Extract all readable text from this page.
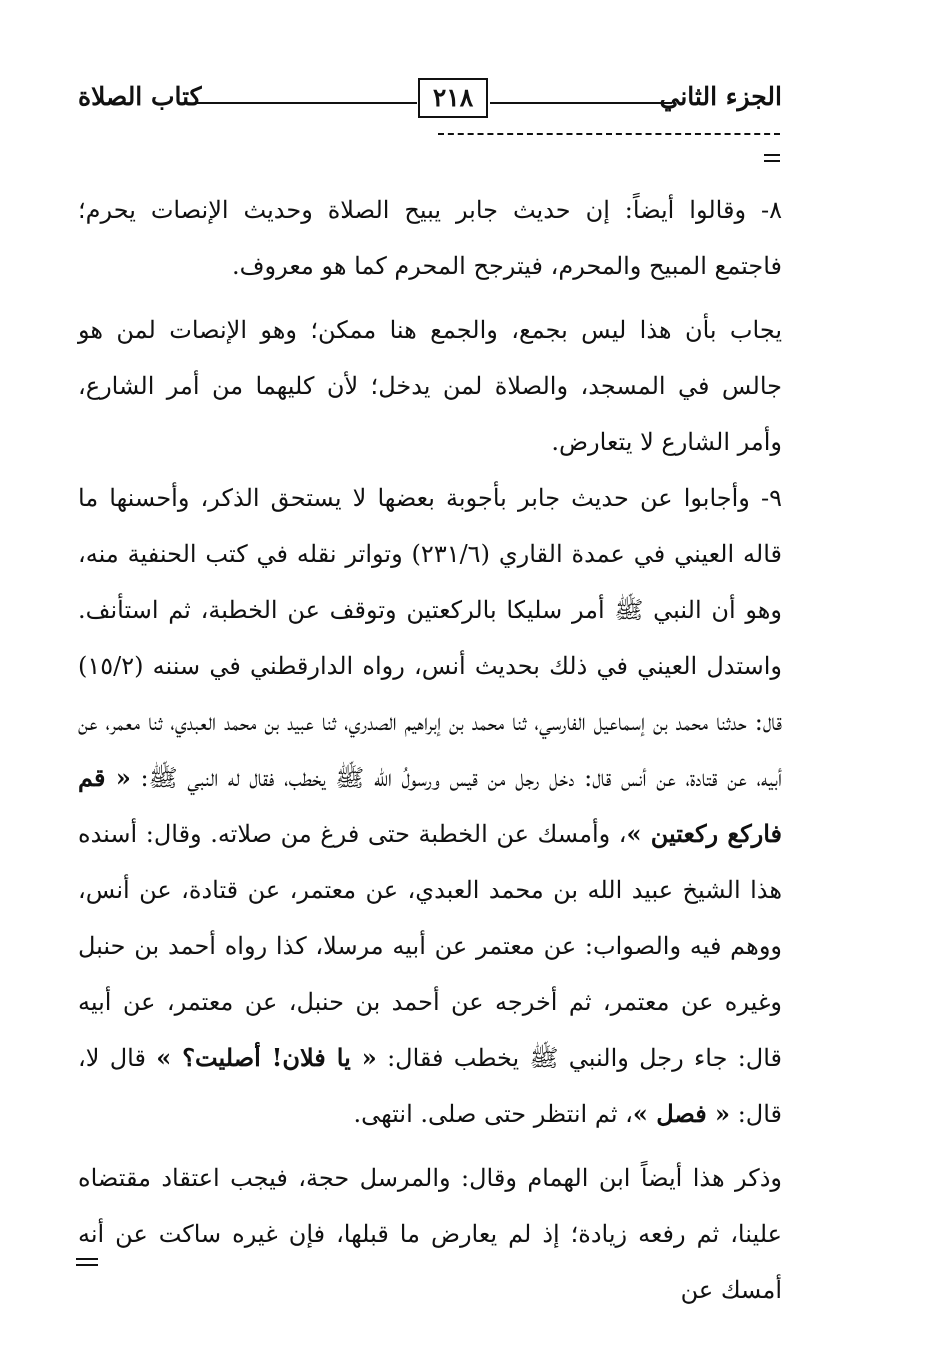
الجزء الثاني
٢١٨
كتاب الصلاة

٨- وقالوا أيضاً: إن حديث جابر يبيح الصلاة وحديث الإنصات يحرم؛ فاجتمع المبيح والمحرم، فيترجح المحرم كما هو معروف.

يجاب بأن هذا ليس بجمع، والجمع هنا ممكن؛ وهو الإنصات لمن هو جالس في المسجد، والصلاة لمن يدخل؛ لأن كليهما من أمر الشارع، وأمر الشارع لا يتعارض.

٩- وأجابوا عن حديث جابر بأجوبة بعضها لا يستحق الذكر، وأحسنها ما قاله العيني في عمدة القاري (٢٣١/٦) وتواتر نقله في كتب الحنفية منه، وهو أن النبي ﷺ أمر سليكا بالركعتين وتوقف عن الخطبة، ثم استأنف. واستدل العيني في ذلك بحديث أنس، رواه الدارقطني في سننه (١٥/٢) قال: حدثنا محمد بن إسماعيل الفارسي، ثنا محمد بن إبراهيم الصدري، ثنا عبيد بن محمد العبدي، ثنا معمر، عن أبيه، عن قتادة، عن أنس قال: دخل رجل من قيس ورسولُ الله ﷺ يخطب، فقال له النبي ﷺ: « قم فاركع ركعتين »، وأمسك عن الخطبة حتى فرغ من صلاته. وقال: أسنده هذا الشيخ عبيد الله بن محمد العبدي، عن معتمر، عن قتادة، عن أنس، ووهم فيه والصواب: عن معتمر عن أبيه مرسلا، كذا رواه أحمد بن حنبل وغيره عن معتمر، ثم أخرجه عن أحمد بن حنبل، عن معتمر، عن أبيه قال: جاء رجل والنبي ﷺ يخطب فقال: « يا فلان! أصليت؟ » قال لا، قال: « فصل »، ثم انتظر حتى صلى. انتهى.

وذكر هذا أيضاً ابن الهمام وقال: والمرسل حجة، فيجب اعتقاد مقتضاه علينا، ثم رفعه زيادة؛ إذ لم يعارض ما قبلها، فإن غيره ساكت عن أنه أمسك عن
